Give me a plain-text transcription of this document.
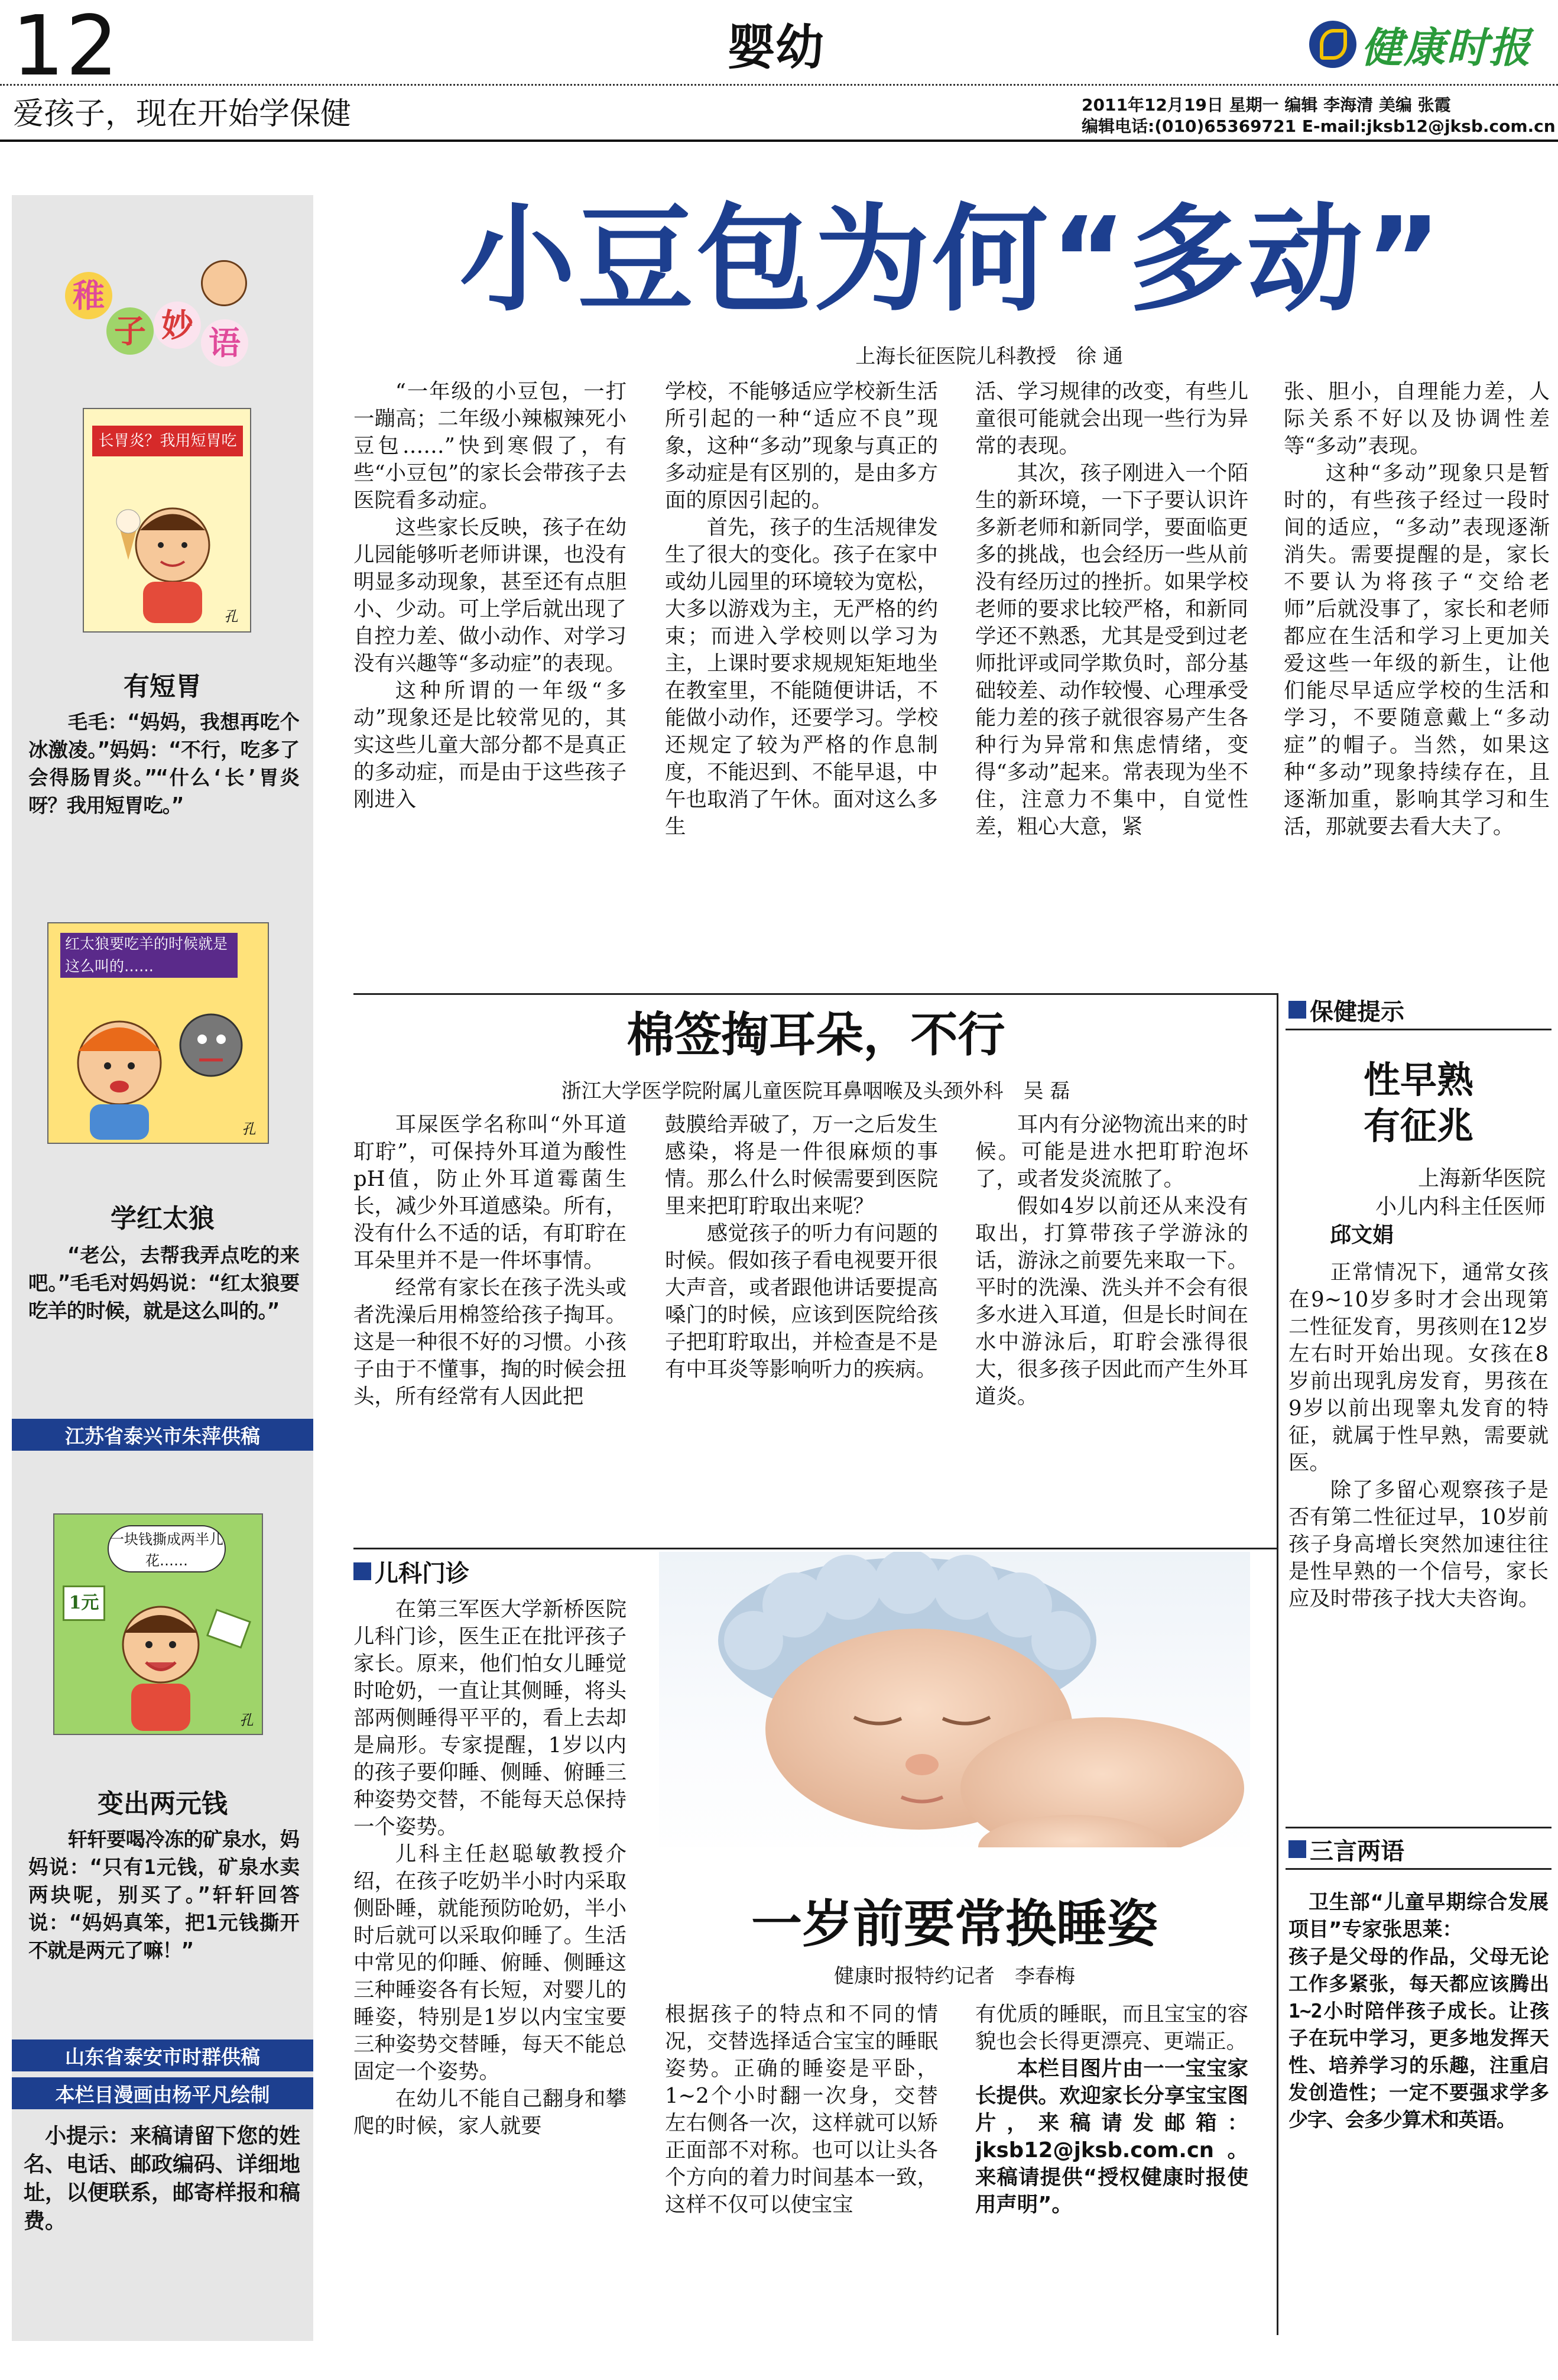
12	婴幼	健康时报
爱孩子，现在开始学保健	2011年12月19日 星期一 编辑 李海清 美编 张霞
编辑电话:(010)65369721 E-mail:jksb12@jksb.com.cn
稚
子 妙 语
长胃炎？我用短胃吃
孔
有短胃

毛毛：“妈妈，我想再吃个冰激凌。”妈妈：“不行，吃多了会得肠胃炎。”“什么‘长’胃炎呀？我用短胃吃。”

红太狼要吃羊的时候就是这么叫的……
孔
学红太狼

“老公，去帮我弄点吃的来吧。”毛毛对妈妈说：“红太狼要吃羊的时候，就是这么叫的。”

江苏省泰兴市朱萍供稿
一块钱撕成两半儿花……
1元
孔
变出两元钱

轩轩要喝冷冻的矿泉水，妈妈说：“只有1元钱，矿泉水卖两块呢，别买了。”轩轩回答说：“妈妈真笨，把1元钱撕开不就是两元了嘛！”

山东省泰安市时群供稿
本栏目漫画由杨平凡绘制

小提示：来稿请留下您的姓名、电话、邮政编码、详细地址，以便联系，邮寄样报和稿费。

小豆包为何“多动”
上海长征医院儿科教授　徐 通

“一年级的小豆包，一打一蹦高；二年级小辣椒辣死小豆包……”快到寒假了，有些“小豆包”的家长会带孩子去医院看多动症。

这些家长反映，孩子在幼儿园能够听老师讲课，也没有明显多动现象，甚至还有点胆小、少动。可上学后就出现了自控力差、做小动作、对学习没有兴趣等“多动症”的表现。

这种所谓的一年级“多动”现象还是比较常见的，其实这些儿童大部分都不是真正的多动症，而是由于这些孩子刚进入

学校，不能够适应学校新生活所引起的一种“适应不良”现象，这种“多动”现象与真正的多动症是有区别的，是由多方面的原因引起的。

首先，孩子的生活规律发生了很大的变化。孩子在家中或幼儿园里的环境较为宽松，大多以游戏为主，无严格的约束；而进入学校则以学习为主，上课时要求规规矩矩地坐在教室里，不能随便讲话，不能做小动作，还要学习。学校还规定了较为严格的作息制度，不能迟到、不能早退，中午也取消了午休。面对这么多生

活、学习规律的改变，有些儿童很可能就会出现一些行为异常的表现。

其次，孩子刚进入一个陌生的新环境，一下子要认识许多新老师和新同学，要面临更多的挑战，也会经历一些从前没有经历过的挫折。如果学校老师的要求比较严格，和新同学还不熟悉，尤其是受到过老师批评或同学欺负时，部分基础较差、动作较慢、心理承受能力差的孩子就很容易产生各种行为异常和焦虑情绪，变得“多动”起来。常表现为坐不住，注意力不集中，自觉性差，粗心大意，紧

张、胆小，自理能力差，人际关系不好以及协调性差等“多动”表现。

这种“多动”现象只是暂时的，有些孩子经过一段时间的适应，“多动”表现逐渐消失。需要提醒的是，家长不要认为将孩子“交给老师”后就没事了，家长和老师都应在生活和学习上更加关爱这些一年级的新生，让他们能尽早适应学校的生活和学习，不要随意戴上“多动症”的帽子。当然，如果这种“多动”现象持续存在，且逐渐加重，影响其学习和生活，那就要去看大夫了。

棉签掏耳朵，不行
浙江大学医学院附属儿童医院耳鼻咽喉及头颈外科　吴 磊

耳屎医学名称叫“外耳道耵聍”，可保持外耳道为酸性pH值，防止外耳道霉菌生长，减少外耳道感染。所有，没有什么不适的话，有耵聍在耳朵里并不是一件坏事情。

经常有家长在孩子洗头或者洗澡后用棉签给孩子掏耳。这是一种很不好的习惯。小孩子由于不懂事，掏的时候会扭头，所有经常有人因此把

鼓膜给弄破了，万一之后发生感染，将是一件很麻烦的事情。那么什么时候需要到医院里来把耵聍取出来呢？

感觉孩子的听力有问题的时候。假如孩子看电视要开很大声音，或者跟他讲话要提高嗓门的时候，应该到医院给孩子把耵聍取出，并检查是不是有中耳炎等影响听力的疾病。

耳内有分泌物流出来的时候。可能是进水把耵聍泡坏了，或者发炎流脓了。

假如4岁以前还从来没有取出，打算带孩子学游泳的话，游泳之前要先来取一下。平时的洗澡、洗头并不会有很多水进入耳道，但是长时间在水中游泳后，耵聍会涨得很大，很多孩子因此而产生外耳道炎。

儿科门诊

在第三军医大学新桥医院儿科门诊，医生正在批评孩子家长。原来，他们怕女儿睡觉时呛奶，一直让其侧睡，将头部两侧睡得平平的，看上去却是扁形。专家提醒，1岁以内的孩子要仰睡、侧睡、俯睡三种姿势交替，不能每天总保持一个姿势。

儿科主任赵聪敏教授介绍，在孩子吃奶半小时内采取侧卧睡，就能预防呛奶，半小时后就可以采取仰睡了。生活中常见的仰睡、俯睡、侧睡这三种睡姿各有长短，对婴儿的睡姿，特别是1岁以内宝宝要三种姿势交替睡，每天不能总固定一个姿势。

在幼儿不能自己翻身和攀爬的时候，家人就要

一岁前要常换睡姿
健康时报特约记者　李春梅

根据孩子的特点和不同的情况，交替选择适合宝宝的睡眠姿势。正确的睡姿是平卧，1~2个小时翻一次身，交替左右侧各一次，这样就可以矫正面部不对称。也可以让头各个方向的着力时间基本一致，这样不仅可以使宝宝

有优质的睡眠，而且宝宝的容貌也会长得更漂亮、更端正。

本栏目图片由一一宝宝家长提供。欢迎家长分享宝宝图片，来稿请发邮箱：jksb12@jksb.com.cn。来稿请提供“授权健康时报使用声明”。

保健提示
性早熟
有征兆
上海新华医院
小儿内科主任医师
邱文娟

正常情况下，通常女孩在9~10岁多时才会出现第二性征发育，男孩则在12岁左右时开始出现。女孩在8岁前出现乳房发育，男孩在9岁以前出现睾丸发育的特征，就属于性早熟，需要就医。

除了多留心观察孩子是否有第二性征过早，10岁前孩子身高增长突然加速往往是性早熟的一个信号，家长应及时带孩子找大夫咨询。

三言两语

卫生部“儿童早期综合发展项目”专家张思莱：

孩子是父母的作品，父母无论工作多紧张，每天都应该腾出1~2小时陪伴孩子成长。让孩子在玩中学习，更多地发挥天性、培养学习的乐趣，注重启发创造性；一定不要强求学多少字、会多少算术和英语。
